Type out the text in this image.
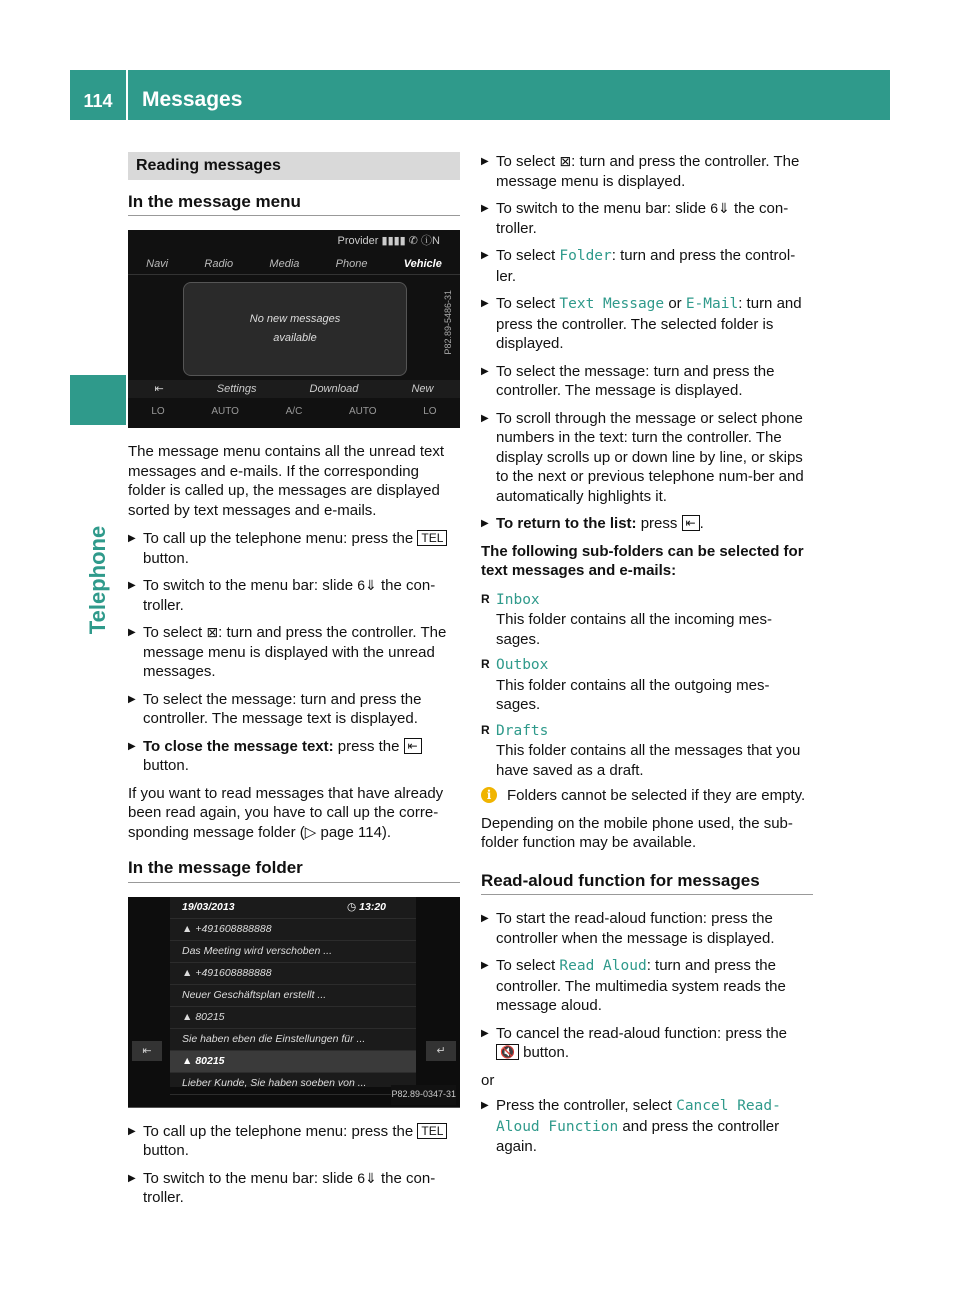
114	Messages
Telephone
Reading messages
In the message menu
Provider ▮▮▮▮ ✆ ⓘN
Navi	Radio	Media	Phone	Vehicle
No new messages
available
⇤	Settings	Download	New
LO	AUTO	A/C	AUTO	LO
P82.89-5486-31

The message menu contains all the unread text messages and e-mails. If the corresponding folder is called up, the messages are displayed sorted by text messages and e-mails.

▶ To call up the telephone menu: press the TEL button.
▶ To switch to the menu bar: slide 6⇓ the con-troller.
▶ To select ⊠: turn and press the controller. The message menu is displayed with the unread messages.
▶ To select the message: turn and press the controller. The message text is displayed.
▶ To close the message text: press the ⇤ button.

If you want to read messages that have already been read again, you have to call up the corre-sponding message folder (▷ page 114).

In the message folder
19/03/2013	◷ 13:20
▲ +491608888888
Das Meeting wird verschoben ...
▲ +491608888888
Neuer Geschäftsplan erstellt ...
▲ 80215
Sie haben eben die Einstellungen für ...
▲ 80215
Lieber Kunde, Sie haben soeben von ...
⇤	↵
P82.89-0347-31
▶ To call up the telephone menu: press the TEL button.
▶ To switch to the menu bar: slide 6⇓ the con-troller.
▶ To select ⊠: turn and press the controller. The message menu is displayed.
▶ To switch to the menu bar: slide 6⇓ the con-troller.
▶ To select Folder: turn and press the control-ler.
▶ To select Text Message or E-Mail: turn and press the controller. The selected folder is displayed.
▶ To select the message: turn and press the controller. The message is displayed.
▶ To scroll through the message or select phone numbers in the text: turn the controller. The display scrolls up or down line by line, or skips to the next or previous telephone num-ber and automatically highlights it.
▶ To return to the list: press ⇤ .

The following sub-folders can be selected for text messages and e-mails:

R Inbox
This folder contains all the incoming mes-sages.
R Outbox
This folder contains all the outgoing mes-sages.
R Drafts
This folder contains all the messages that you have saved as a draft.
i	Folders cannot be selected if they are empty.

Depending on the mobile phone used, the sub-folder function may be available.

Read-aloud function for messages
▶ To start the read-aloud function: press the controller when the message is displayed.
▶ To select Read Aloud: turn and press the controller. The multimedia system reads the message aloud.
▶ To cancel the read-aloud function: press the 🔇 button.

or

▶ Press the controller, select Cancel Read-Aloud Function and press the controller again.
